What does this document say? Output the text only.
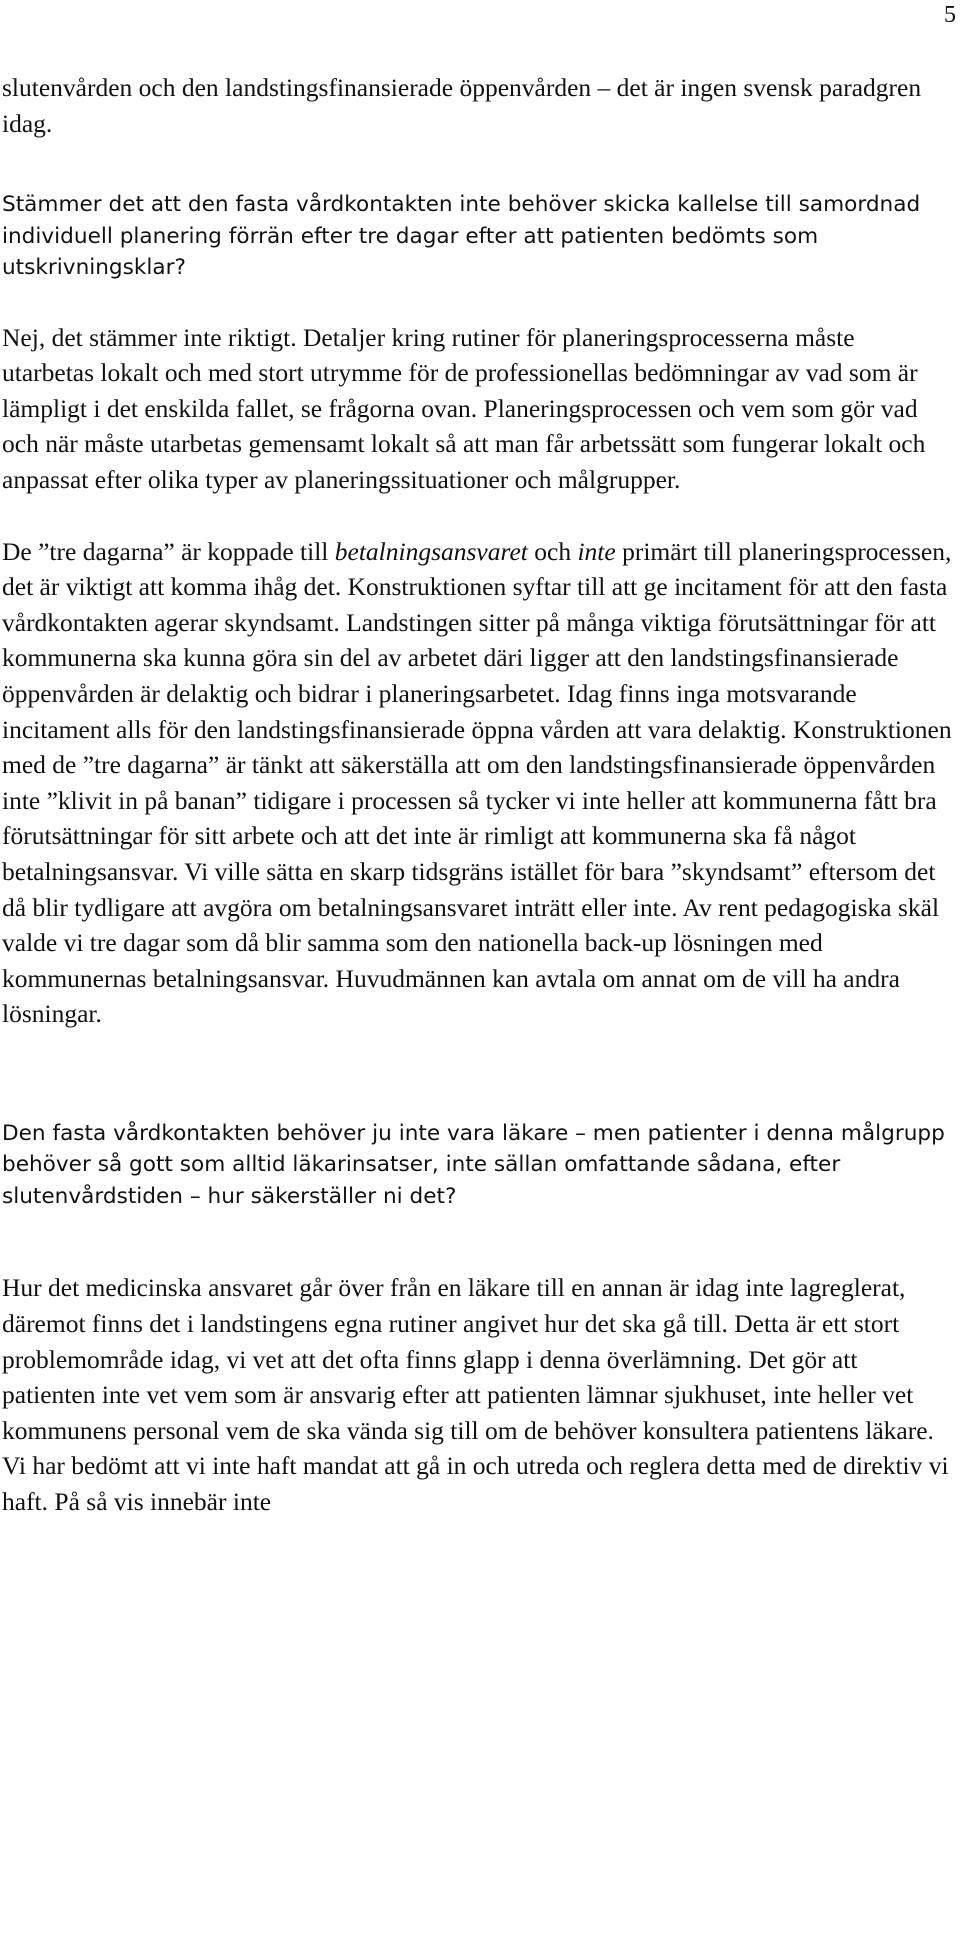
5

slutenvården och den landstingsfinansierade öppenvården – det är ingen svensk paradgren idag.

Stämmer det att den fasta vårdkontakten inte behöver skicka kallelse till samordnad individuell planering förrän efter tre dagar efter att patienten bedömts som utskrivningsklar?

Nej, det stämmer inte riktigt. Detaljer kring rutiner för planeringsprocesserna måste utarbetas lokalt och med stort utrymme för de professionellas bedömningar av vad som är lämpligt i det enskilda fallet, se frågorna ovan. Planeringsprocessen och vem som gör vad och när måste utarbetas gemensamt lokalt så att man får arbetssätt som fungerar lokalt och anpassat efter olika typer av planeringssituationer och målgrupper.

De ”tre dagarna” är koppade till betalningsansvaret och inte primärt till planeringsprocessen, det är viktigt att komma ihåg det. Konstruktionen syftar till att ge incitament för att den fasta vårdkontakten agerar skyndsamt. Landstingen sitter på många viktiga förutsättningar för att kommunerna ska kunna göra sin del av arbetet däri ligger att den landstingsfinansierade öppenvården är delaktig och bidrar i planeringsarbetet. Idag finns inga motsvarande incitament alls för den landstingsfinansierade öppna vården att vara delaktig. Konstruktionen med de ”tre dagarna” är tänkt att säkerställa att om den landstingsfinansierade öppenvården inte ”klivit in på banan” tidigare i processen så tycker vi inte heller att kommunerna fått bra förutsättningar för sitt arbete och att det inte är rimligt att kommunerna ska få något betalningsansvar. Vi ville sätta en skarp tidsgräns istället för bara ”skyndsamt” eftersom det då blir tydligare att avgöra om betalningsansvaret inträtt eller inte. Av rent pedagogiska skäl valde vi tre dagar som då blir samma som den nationella back-up lösningen med kommunernas betalningsansvar. Huvudmännen kan avtala om annat om de vill ha andra lösningar.

Den fasta vårdkontakten behöver ju inte vara läkare – men patienter i denna målgrupp behöver så gott som alltid läkarinsatser, inte sällan omfattande sådana, efter slutenvårdstiden – hur säkerställer ni det?

Hur det medicinska ansvaret går över från en läkare till en annan är idag inte lagreglerat, däremot finns det i landstingens egna rutiner angivet hur det ska gå till. Detta är ett stort problemområde idag, vi vet att det ofta finns glapp i denna överlämning. Det gör att patienten inte vet vem som är ansvarig efter att patienten lämnar sjukhuset, inte heller vet kommunens personal vem de ska vända sig till om de behöver konsultera patientens läkare. Vi har bedömt att vi inte haft mandat att gå in och utreda och reglera detta med de direktiv vi haft. På så vis innebär inte
